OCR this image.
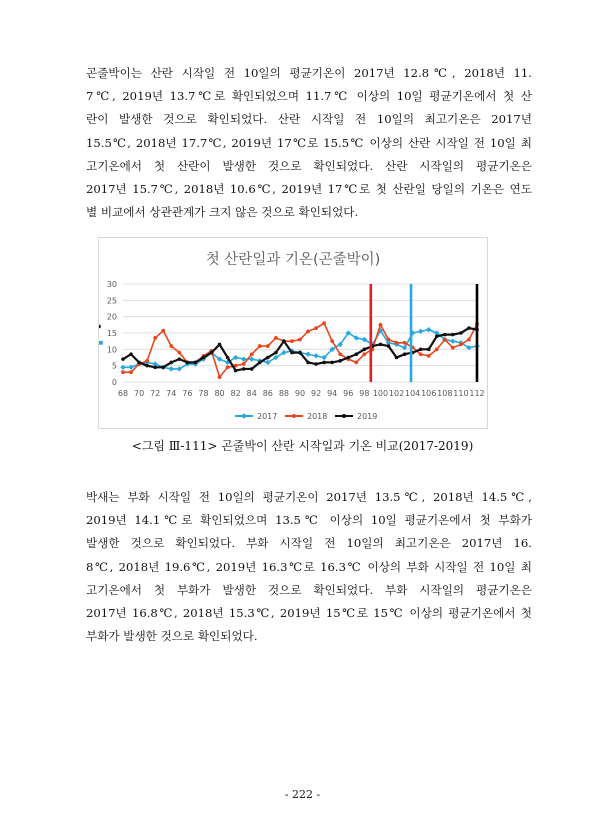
곤줄박이는 산란 시작일 전 10일의 평균기온이 2017년 12.8℃, 2018년 11.
7℃, 2019년 13.7℃로 확인되었으며 11.7℃ 이상의 10일 평균기온에서 첫 산
란이 발생한 것으로 확인되었다. 산란 시작일 전 10일의 최고기온은 2017년
15.5℃, 2018년 17.7℃, 2019년 17℃로 15.5℃ 이상의 산란 시작일 전 10일 최
고기온에서 첫 산란이 발생한 것으로 확인되었다. 산란 시작일의 평균기온은
2017년 15.7℃, 2018년 10.6℃, 2019년 17℃로 첫 산란일 당일의 기온은 연도
별 비교에서 상관관계가 크지 않은 것으로 확인되었다.

첫 산란일과 기온(곤줄박이)
0
5
10
15
20
25
30
68 70 72 74 76 78 80 82 84 86 88 90 92 94 96 98 100 102 104 106 108 110 112
2017	2018	2019

<그림 Ⅲ-111> 곤줄박이 산란 시작일과 기온 비교(2017-2019)

박새는 부화 시작일 전 10일의 평균기온이 2017년 13.5℃, 2018년 14.5℃,
2019년 14.1℃로 확인되었으며 13.5℃ 이상의 10일 평균기온에서 첫 부화가
발생한 것으로 확인되었다. 부화 시작일 전 10일의 최고기온은 2017년 16.
8℃, 2018년 19.6℃, 2019년 16.3℃로 16.3℃ 이상의 부화 시작일 전 10일 최
고기온에서 첫 부화가 발생한 것으로 확인되었다. 부화 시작일의 평균기온은
2017년 16.8℃, 2018년 15.3℃, 2019년 15℃로 15℃ 이상의 평균기온에서 첫
부화가 발생한 것으로 확인되었다.

- 222 -
